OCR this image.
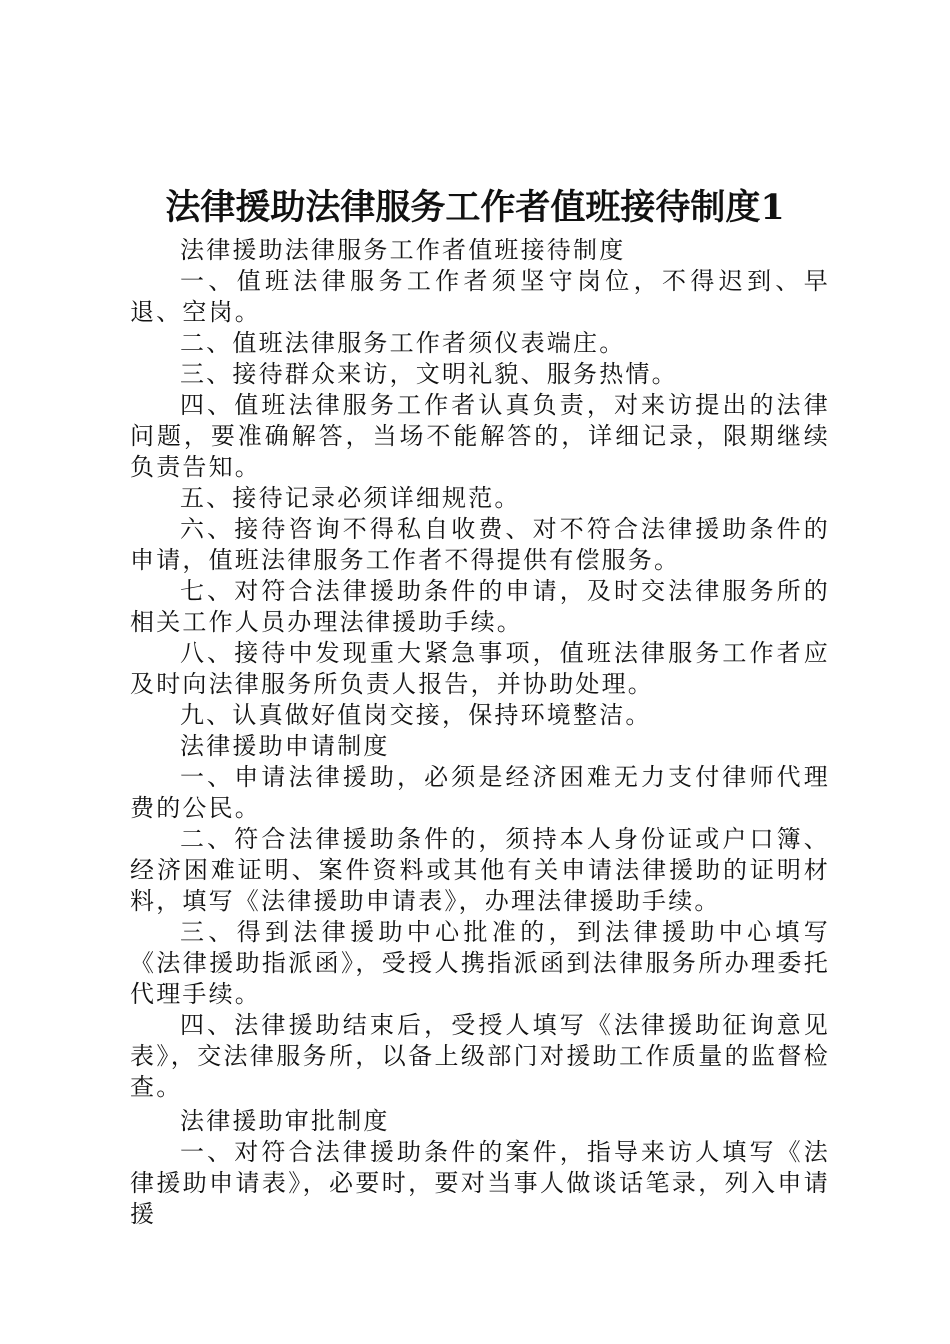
法律援助法律服务工作者值班接待制度1

法律援助法律服务工作者值班接待制度

一、值班法律服务工作者须坚守岗位，不得迟到、早退、空岗。

二、值班法律服务工作者须仪表端庄。

三、接待群众来访，文明礼貌、服务热情。

四、值班法律服务工作者认真负责，对来访提出的法律问题，要准确解答，当场不能解答的，详细记录，限期继续负责告知。

五、接待记录必须详细规范。

六、接待咨询不得私自收费、对不符合法律援助条件的申请，值班法律服务工作者不得提供有偿服务。

七、对符合法律援助条件的申请，及时交法律服务所的相关工作人员办理法律援助手续。

八、接待中发现重大紧急事项，值班法律服务工作者应及时向法律服务所负责人报告，并协助处理。

九、认真做好值岗交接，保持环境整洁。

法律援助申请制度

一、申请法律援助，必须是经济困难无力支付律师代理费的公民。

二、符合法律援助条件的，须持本人身份证或户口簿、经济困难证明、案件资料或其他有关申请法律援助的证明材料，填写《法律援助申请表》，办理法律援助手续。

三、得到法律援助中心批准的，到法律援助中心填写《法律援助指派函》，受授人携指派函到法律服务所办理委托代理手续。

四、法律援助结束后，受授人填写《法律援助征询意见表》，交法律服务所，以备上级部门对援助工作质量的监督检查。

法律援助审批制度

一、对符合法律援助条件的案件，指导来访人填写《法律援助申请表》，必要时，要对当事人做谈话笔录，列入申请援
